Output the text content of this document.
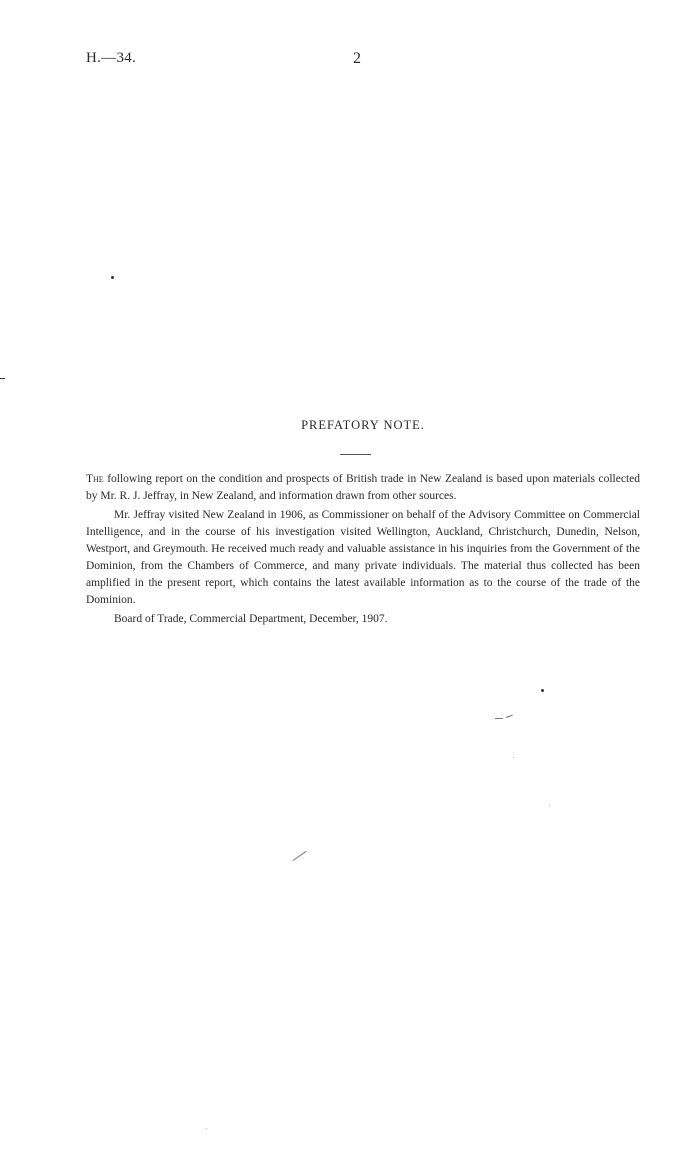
H.—34.	2
PREFATORY NOTE.

The following report on the condition and prospects of British trade in New Zealand is based upon materials collected by Mr. R. J. Jeffray, in New Zealand, and information drawn from other sources.

Mr. Jeffray visited New Zealand in 1906, as Commissioner on behalf of the Advisory Committee on Commercial Intelligence, and in the course of his investigation visited Wellington, Auckland, Christchurch, Dunedin, Nelson, Westport, and Greymouth. He received much ready and valuable assistance in his inquiries from the Government of the Dominion, from the Chambers of Commerce, and many private individuals. The material thus collected has been amplified in the present report, which contains the latest available information as to the course of the trade of the Dominion.

Board of Trade, Commercial Department, December, 1907.
